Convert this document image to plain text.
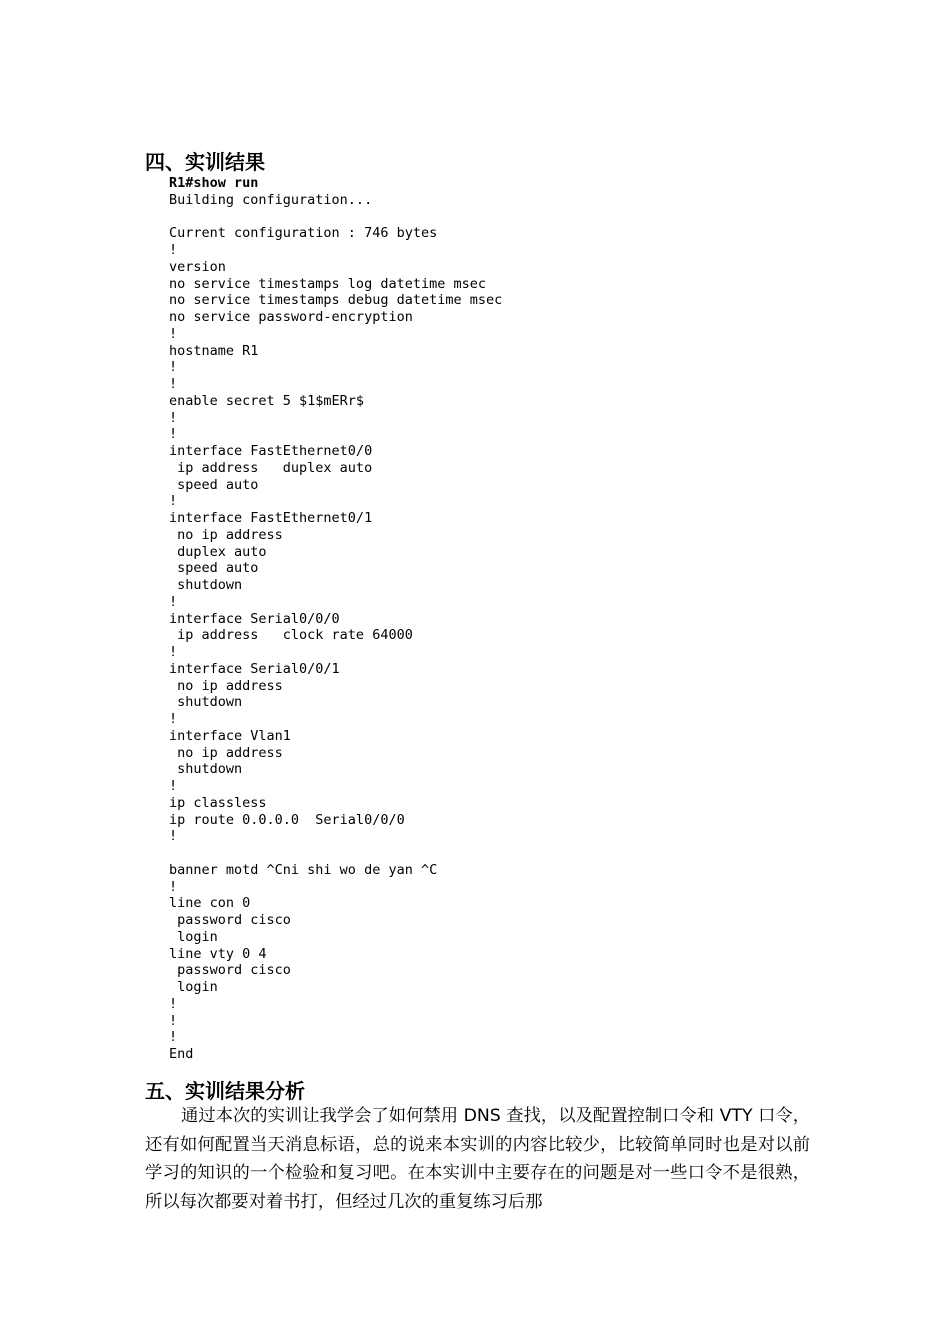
四、实训结果
R1#show run
Building configuration...
Current configuration : 746 bytes
!
version
no service timestamps log datetime msec
no service timestamps debug datetime msec
no service password-encryption
!
hostname R1
!
!
enable secret 5 $1$mERr$
!
!
interface FastEthernet0/0
ip address   duplex auto
speed auto
!
interface FastEthernet0/1
no ip address
duplex auto
speed auto
shutdown
!
interface Serial0/0/0
ip address   clock rate 64000
!
interface Serial0/0/1
no ip address
shutdown
!
interface Vlan1
no ip address
shutdown
!
ip classless
ip route 0.0.0.0  Serial0/0/0
!
banner motd ^Cni shi wo de yan ^C
!
line con 0
password cisco
login
line vty 0 4
password cisco
login
!
!
!
End
五、实训结果分析

通过本次的实训让我学会了如何禁用 DNS 查找，以及配置控制口令和 VTY 口令，还有如何配置当天消息标语，总的说来本实训的内容比较少，比较简单同时也是对以前学习的知识的一个检验和复习吧。在本实训中主要存在的问题是对一些口令不是很熟，所以每次都要对着书打，但经过几次的重复练习后那
